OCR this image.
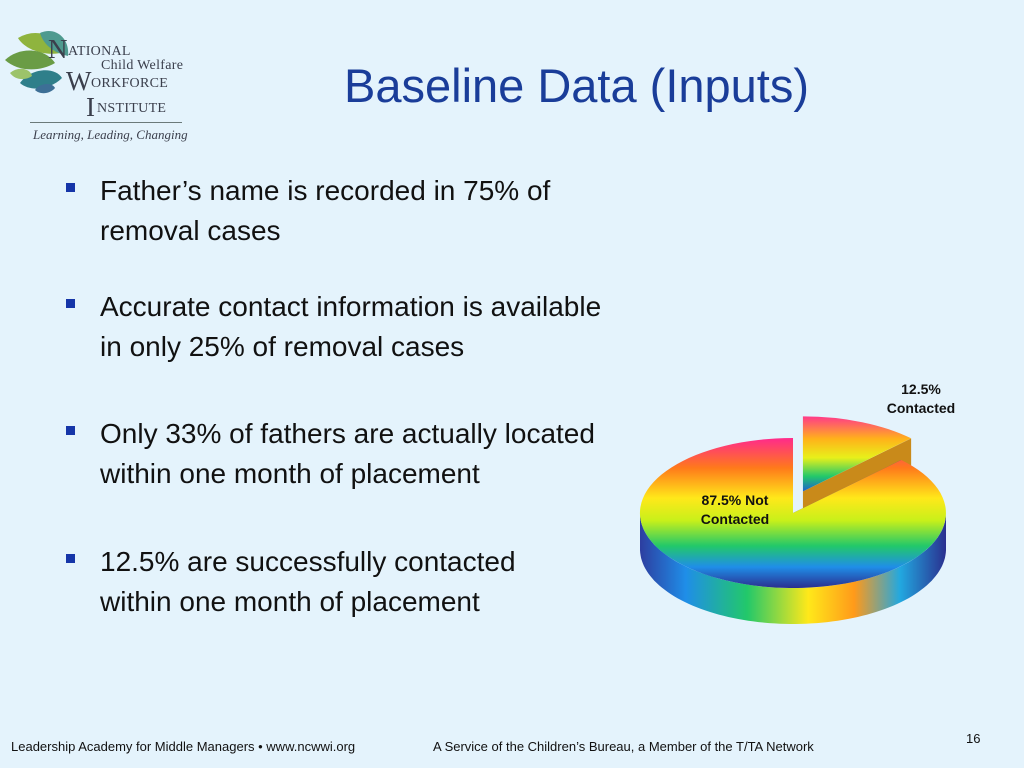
N ATIONAL
Child Welfare
W ORKFORCE
I NSTITUTE
Learning, Leading, Changing
Baseline Data (Inputs)
Father’s name is recorded in 75% of
removal cases
Accurate contact information is available
in only 25% of removal cases
Only 33% of fathers are actually located
within one month of placement
12.5% are successfully contacted
within one month of placement
12.5%
Contacted
87.5% Not
Contacted
Leadership Academy for Middle Managers • www.ncwwi.org	A Service of the Children’s Bureau, a Member of the T/TA Network
16
